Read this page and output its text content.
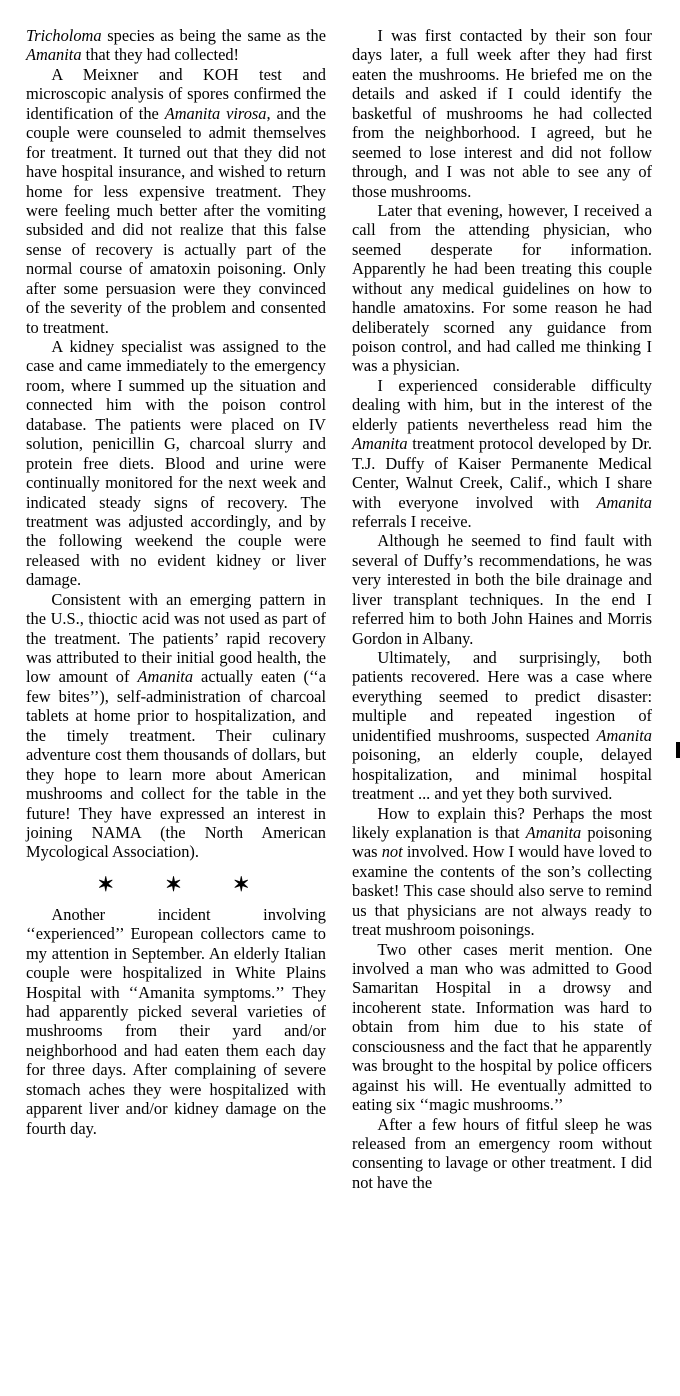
Tricholoma species as being the same as the Amanita that they had collected!

A Meixner and KOH test and microscopic analysis of spores confirmed the identification of the Amanita virosa, and the couple were counseled to admit themselves for treatment. It turned out that they did not have hospital insurance, and wished to return home for less expensive treatment. They were feeling much better after the vomiting subsided and did not realize that this false sense of recovery is actually part of the normal course of amatoxin poisoning. Only after some persuasion were they convinced of the severity of the problem and consented to treatment.

A kidney specialist was assigned to the case and came immediately to the emergency room, where I summed up the situation and connected him with the poison control database. The patients were placed on IV solution, penicillin G, charcoal slurry and protein free diets. Blood and urine were continually monitored for the next week and indicated steady signs of recovery. The treatment was adjusted accordingly, and by the following weekend the couple were released with no evident kidney or liver damage.

Consistent with an emerging pattern in the U.S., thioctic acid was not used as part of the treatment. The patients’ rapid recovery was attributed to their initial good health, the low amount of Amanita actually eaten (‘‘a few bites’’), self-administration of charcoal tablets at home prior to hospitalization, and the timely treatment. Their culinary adventure cost them thousands of dollars, but they hope to learn more about American mushrooms and collect for the table in the future! They have expressed an interest in joining NAMA (the North American Mycological Association).

✶ ✶ ✶

Another incident involving ‘‘experienced’’ European collectors came to my attention in September. An elderly Italian couple were hospitalized in White Plains Hospital with ‘‘Amanita symptoms.’’ They had apparently picked several varieties of mushrooms from their yard and/or neighborhood and had eaten them each day for three days. After complaining of severe stomach aches they were hospitalized with apparent liver and/or kidney damage on the fourth day.

I was first contacted by their son four days later, a full week after they had first eaten the mushrooms. He briefed me on the details and asked if I could identify the basketful of mushrooms he had collected from the neighborhood. I agreed, but he seemed to lose interest and did not follow through, and I was not able to see any of those mushrooms.

Later that evening, however, I received a call from the attending physician, who seemed desperate for information. Apparently he had been treating this couple without any medical guidelines on how to handle amatoxins. For some reason he had deliberately scorned any guidance from poison control, and had called me thinking I was a physician.

I experienced considerable difficulty dealing with him, but in the interest of the elderly patients nevertheless read him the Amanita treatment protocol developed by Dr. T.J. Duffy of Kaiser Permanente Medical Center, Walnut Creek, Calif., which I share with everyone involved with Amanita referrals I receive.

Although he seemed to find fault with several of Duffy’s recommendations, he was very interested in both the bile drainage and liver transplant techniques. In the end I referred him to both John Haines and Morris Gordon in Albany.

Ultimately, and surprisingly, both patients recovered. Here was a case where everything seemed to predict disaster: multiple and repeated ingestion of unidentified mushrooms, suspected Amanita poisoning, an elderly couple, delayed hospitalization, and minimal hospital treatment ... and yet they both survived.

How to explain this? Perhaps the most likely explanation is that Amanita poisoning was not involved. How I would have loved to examine the contents of the son’s collecting basket! This case should also serve to remind us that physicians are not always ready to treat mushroom poisonings.

Two other cases merit mention. One involved a man who was admitted to Good Samaritan Hospital in a drowsy and incoherent state. Information was hard to obtain from him due to his state of consciousness and the fact that he apparently was brought to the hospital by police officers against his will. He eventually admitted to eating six ‘‘magic mushrooms.’’

After a few hours of fitful sleep he was released from an emergency room without consenting to lavage or other treatment. I did not have the
